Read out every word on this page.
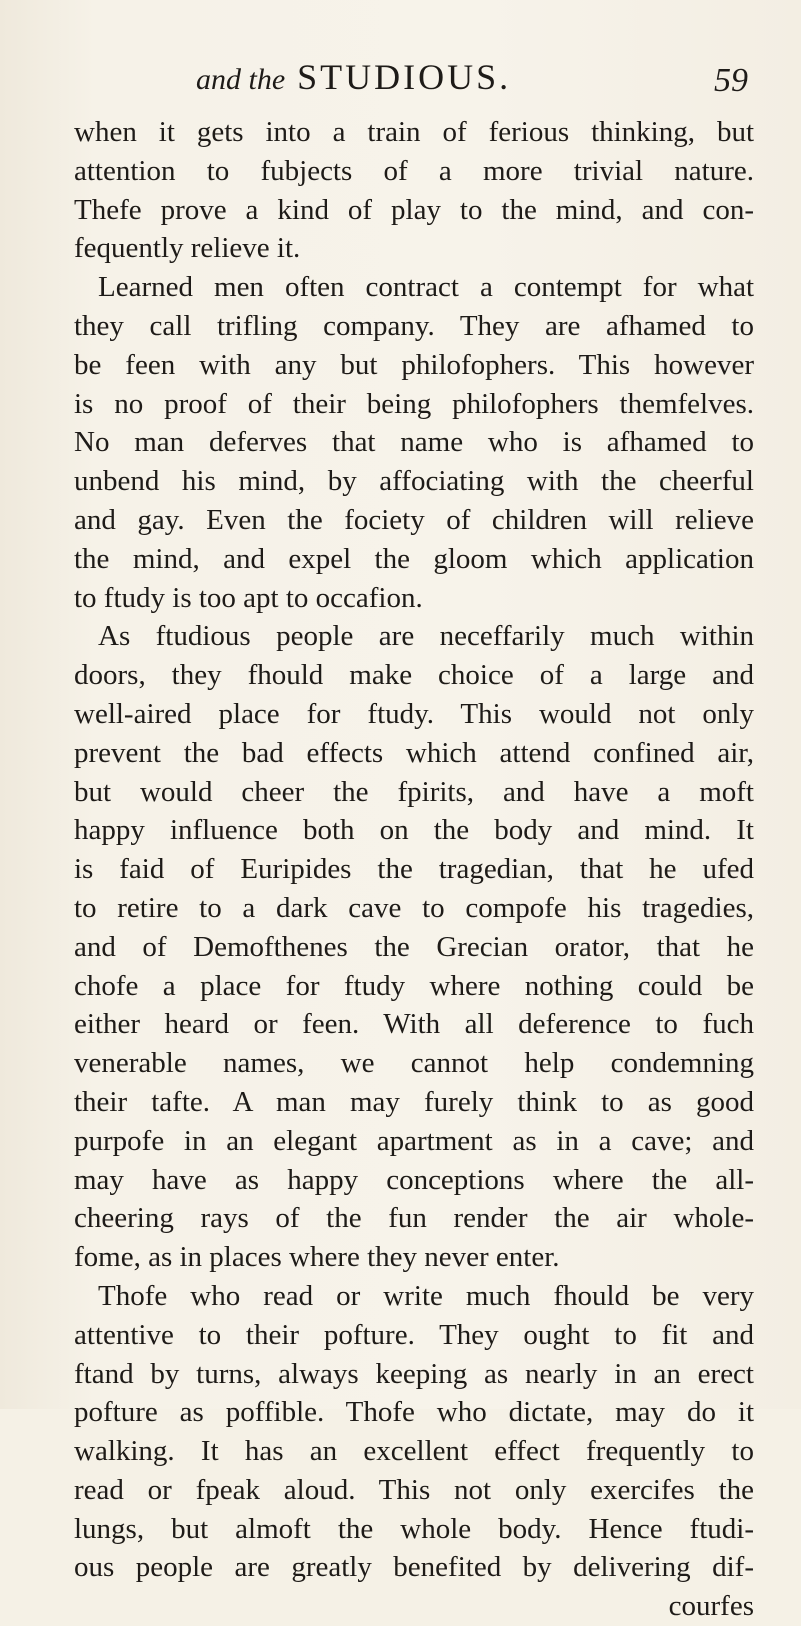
and the STUDIOUS.	59
when it gets into a train of ferious thinking, but
attention to fubjects of a more trivial nature.
Thefe prove a kind of play to the mind, and con-
fequently relieve it.
Learned men often contract a contempt for what
they call trifling company. They are afhamed to
be feen with any but philofophers. This however
is no proof of their being philofophers themfelves.
No man deferves that name who is afhamed to
unbend his mind, by affociating with the cheerful
and gay. Even the fociety of children will relieve
the mind, and expel the gloom which application
to ftudy is too apt to occafion.
As ftudious people are neceffarily much within
doors, they fhould make choice of a large and
well-aired place for ftudy. This would not only
prevent the bad effects which attend confined air,
but would cheer the fpirits, and have a moft
happy influence both on the body and mind. It
is faid of Euripides the tragedian, that he ufed
to retire to a dark cave to compofe his tragedies,
and of Demofthenes the Grecian orator, that he
chofe a place for ftudy where nothing could be
either heard or feen. With all deference to fuch
venerable names, we cannot help condemning
their tafte. A man may furely think to as good
purpofe in an elegant apartment as in a cave; and
may have as happy conceptions where the all-
cheering rays of the fun render the air whole-
fome, as in places where they never enter.
Thofe who read or write much fhould be very
attentive to their pofture. They ought to fit and
ftand by turns, always keeping as nearly in an erect
pofture as poffible. Thofe who dictate, may do it
walking. It has an excellent effect frequently to
read or fpeak aloud. This not only exercifes the
lungs, but almoft the whole body. Hence ftudi-
ous people are greatly benefited by delivering dif-
courfes
